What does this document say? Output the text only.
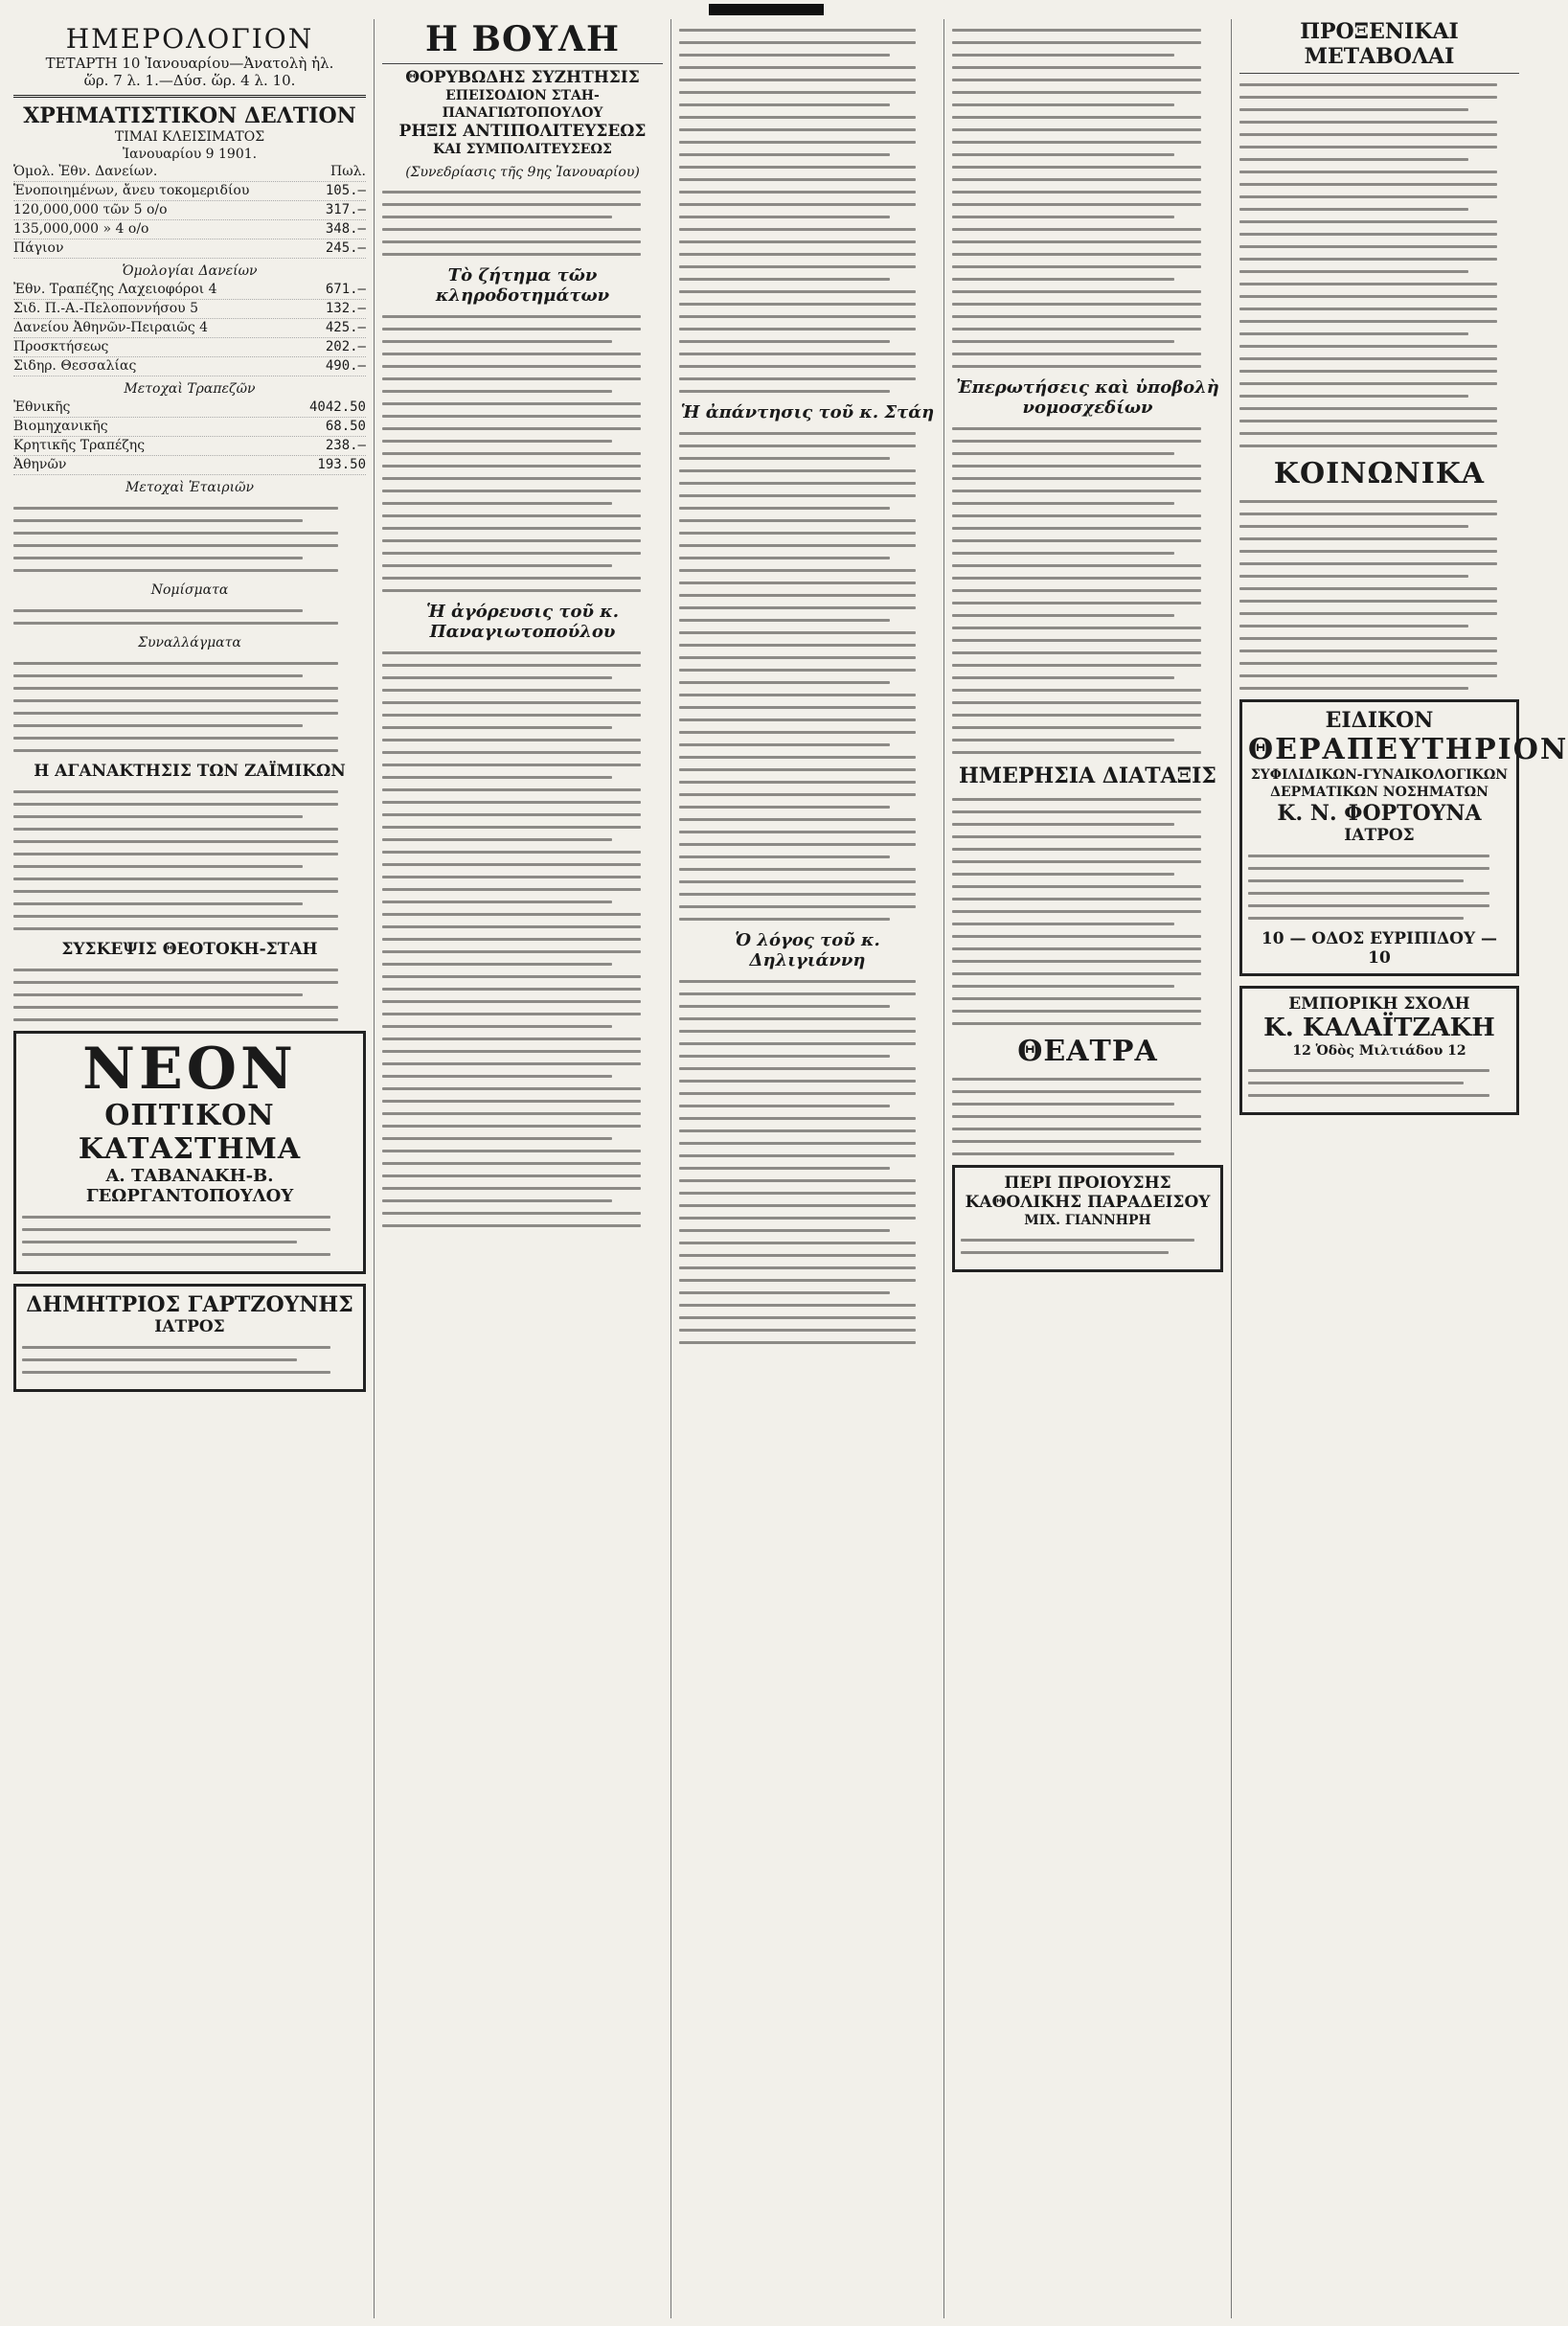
ΗΜΕΡΟΛΟΓΙΟΝ
ΤΕΤΑΡΤΗ 10 Ἰανουαρίου—Ἀνατολὴ ἡλ.
ὥρ. 7 λ. 1.—Δύσ. ὥρ. 4 λ. 10.
ΧΡΗΜΑΤΙΣΤΙΚΟΝ ΔΕΛΤΙΟΝ
ΤΙΜΑΙ ΚΛΕΙΣΙΜΑΤΟΣ
Ἰανουαρίου 9 1901.
Ὁμολ. Ἐθν. Δανείων.	Πωλ.
Ἑνοποιημένων, ἄνευ τοκομεριδίου	105.–
120,000,000 τῶν 5 ο/ο	317.–
135,000,000 » 4 ο/ο	348.–
Πάγιον	245.–
Ὁμολογίαι Δανείων
Ἐθν. Τραπέζης Λαχειοφόροι 4	671.–
Σιδ. Π.-Α.-Πελοποννήσου 5	132.–
Δανείου Ἀθηνῶν-Πειραιῶς 4	425.–
Προσκτήσεως	202.–
Σιδηρ. Θεσσαλίας	490.–
Μετοχαὶ Τραπεζῶν
Ἐθνικῆς	4042.50
Βιομηχανικῆς	68.50
Κρητικῆς Τραπέζης	238.–
Ἀθηνῶν	193.50
Μετοχαὶ Ἑταιριῶν
Νομίσματα
Συναλλάγματα
Η ΑΓΑΝΑΚΤΗΣΙΣ ΤΩΝ ΖΑΪΜΙΚΩΝ
ΣΥΣΚΕΨΙΣ ΘΕΟΤΟΚΗ-ΣΤΑΗ
ΝΕΟΝ
ΟΠΤΙΚΟΝ ΚΑΤΑΣΤΗΜΑ
Α. ΤΑΒΑΝΑΚΗ-Β. ΓΕΩΡΓΑΝΤΟΠΟΥΛΟΥ
ΔΗΜΗΤΡΙΟΣ ΓΑΡΤΖΟΥΝΗΣ
ΙΑΤΡΟΣ
Η ΒΟΥΛΗ
ΘΟΡΥΒΩΔΗΣ ΣΥΖΗΤΗΣΙΣ
ΕΠΕΙΣΟΔΙΟΝ ΣΤΑΗ-ΠΑΝΑΓΙΩΤΟΠΟΥΛΟΥ
ΡΗΞΙΣ ΑΝΤΙΠΟΛΙΤΕΥΣΕΩΣ
ΚΑΙ ΣΥΜΠΟΛΙΤΕΥΣΕΩΣ
(Συνεδρίασις τῆς 9ης Ἰανουαρίου)
Τὸ ζήτημα τῶν κληροδοτημάτων
Ἡ ἀγόρευσις τοῦ κ. Παναγιωτοπούλου
Ἡ ἀπάντησις τοῦ κ. Στάη
Ὁ λόγος τοῦ κ. Δηλιγιάννη
Ἐπερωτήσεις καὶ ὑποβολὴ νομοσχεδίων
ΗΜΕΡΗΣΙΑ ΔΙΑΤΑΞΙΣ
ΘΕΑΤΡΑ
ΠΕΡΙ ΠΡΟΙΟΥΣΗΣ ΚΑΘΟΛΙΚΗΣ ΠΑΡΑΔΕΙΣΟΥ
ΜΙΧ. ΓΙΑΝΝΗΡΗ
ΠΡΟΞΕΝΙΚΑΙ ΜΕΤΑΒΟΛΑΙ
ΚΟΙΝΩΝΙΚΑ
ΕΙΔΙΚΟΝ
ΘΕΡΑΠΕΥΤΗΡΙΟΝ
ΣΥΦΙΛΙΔΙΚΩΝ-ΓΥΝΑΙΚΟΛΟΓΙΚΩΝ ΔΕΡΜΑΤΙΚΩΝ ΝΟΣΗΜΑΤΩΝ
Κ. Ν. ΦΟΡΤΟΥΝΑ
ΙΑΤΡΟΣ
10 — ΟΔΟΣ ΕΥΡΙΠΙΔΟΥ — 10
ΕΜΠΟΡΙΚΗ ΣΧΟΛΗ
Κ. ΚΑΛΑΪΤΖΑΚΗ
12 Ὁδὸς Μιλτιάδου 12
